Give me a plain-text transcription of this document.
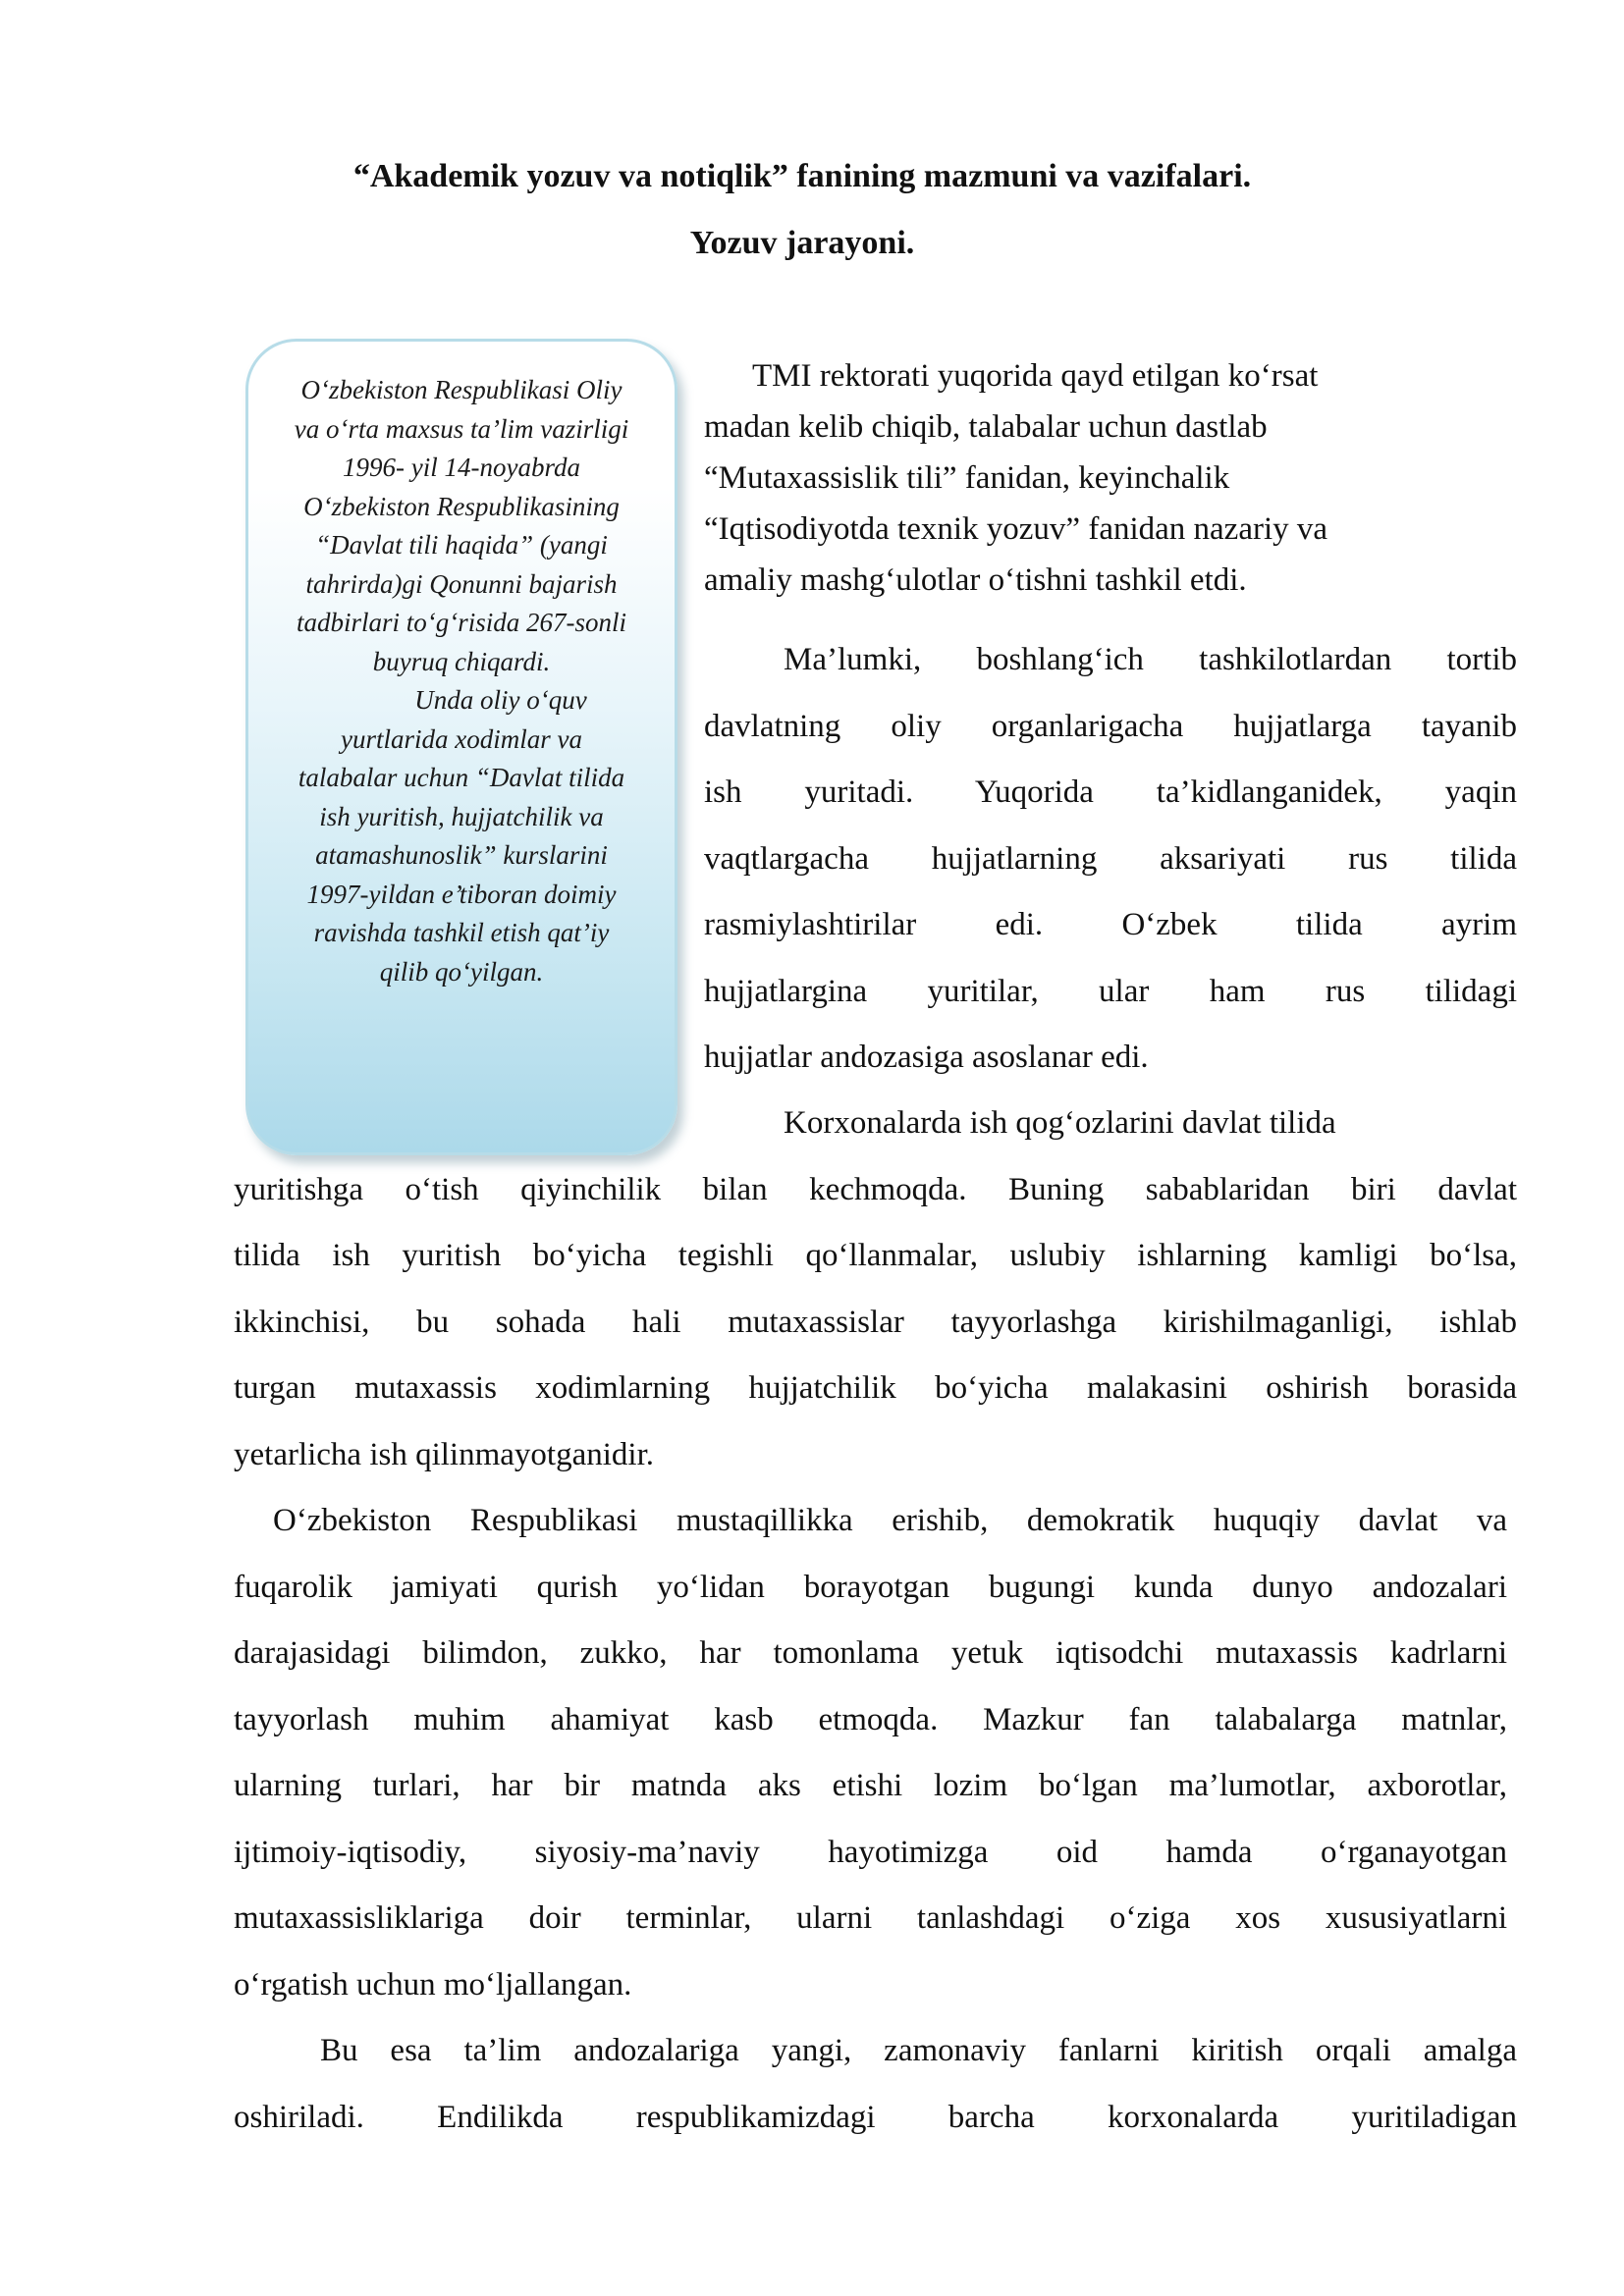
“Akademik yozuv va notiqlik” fanining mazmuni va vazifalari.
Yozuv jarayoni.

O‘zbekiston Respublikasi Oliy va o‘rta maxsus ta’lim vazirligi 1996- yil 14-noyabrda O‘zbekiston Respublikasining “Davlat tili haqida” (yangi tahrirda)gi Qonunni bajarish tadbirlari to‘g‘risida 267-sonli buyruq chiqardi.

Unda oliy o‘quv yurtlarida xodimlar va talabalar uchun “Davlat tilida ish yuritish, hujjatchilik va atamashunoslik” kurslarini 1997-yildan e’tiboran doimiy ravishda tashkil etish qat’iy qilib qo‘yilgan.

TMI rektorati yuqorida qayd etilgan ko‘rsat

madan kelib chiqib, talabalar uchun dastlab

“Mutaxassislik tili” fanidan, keyinchalik

“Iqtisodiyotda texnik yozuv” fanidan nazariy va

amaliy mashg‘ulotlar o‘tishni tashkil etdi.

Ma’lumki, boshlang‘ich tashkilotlardan tortib

davlatning oliy organlarigacha hujjatlarga tayanib

ish yuritadi. Yuqorida ta’kidlanganidek, yaqin

vaqtlargacha hujjatlarning aksariyati rus tilida

rasmiylashtirilar edi. O‘zbek tilida ayrim

hujjatlargina yuritilar, ular ham rus tilidagi

hujjatlar andozasiga asoslanar edi.

Korxonalarda ish qog‘ozlarini davlat tilida

yuritishga o‘tish qiyinchilik bilan kechmoqda. Buning sabablaridan biri davlat

tilida ish yuritish bo‘yicha tegishli qo‘llanmalar, uslubiy ishlarning kamligi bo‘lsa,

ikkinchisi, bu sohada hali mutaxassislar tayyorlashga kirishilmaganligi, ishlab

turgan mutaxassis xodimlarning hujjatchilik bo‘yicha malakasini oshirish borasida

yetarlicha ish qilinmayotganidir.

O‘zbekiston Respublikasi mustaqillikka erishib, demokratik huquqiy davlat va

fuqarolik jamiyati qurish yo‘lidan borayotgan bugungi kunda dunyo andozalari

darajasidagi bilimdon, zukko, har tomonlama yetuk iqtisodchi mutaxassis kadrlarni

tayyorlash muhim ahamiyat kasb etmoqda. Mazkur fan talabalarga matnlar,

ularning turlari, har bir matnda aks etishi lozim bo‘lgan ma’lumotlar, axborotlar,

ijtimoiy-iqtisodiy, siyosiy-ma’naviy hayotimizga oid hamda o‘rganayotgan

mutaxassisliklariga doir terminlar, ularni tanlashdagi o‘ziga xos xususiyatlarni

o‘rgatish uchun mo‘ljallangan.

Bu esa ta’lim andozalariga yangi, zamonaviy fanlarni kiritish orqali amalga

oshiriladi. Endilikda respublikamizdagi barcha korxonalarda yuritiladigan
